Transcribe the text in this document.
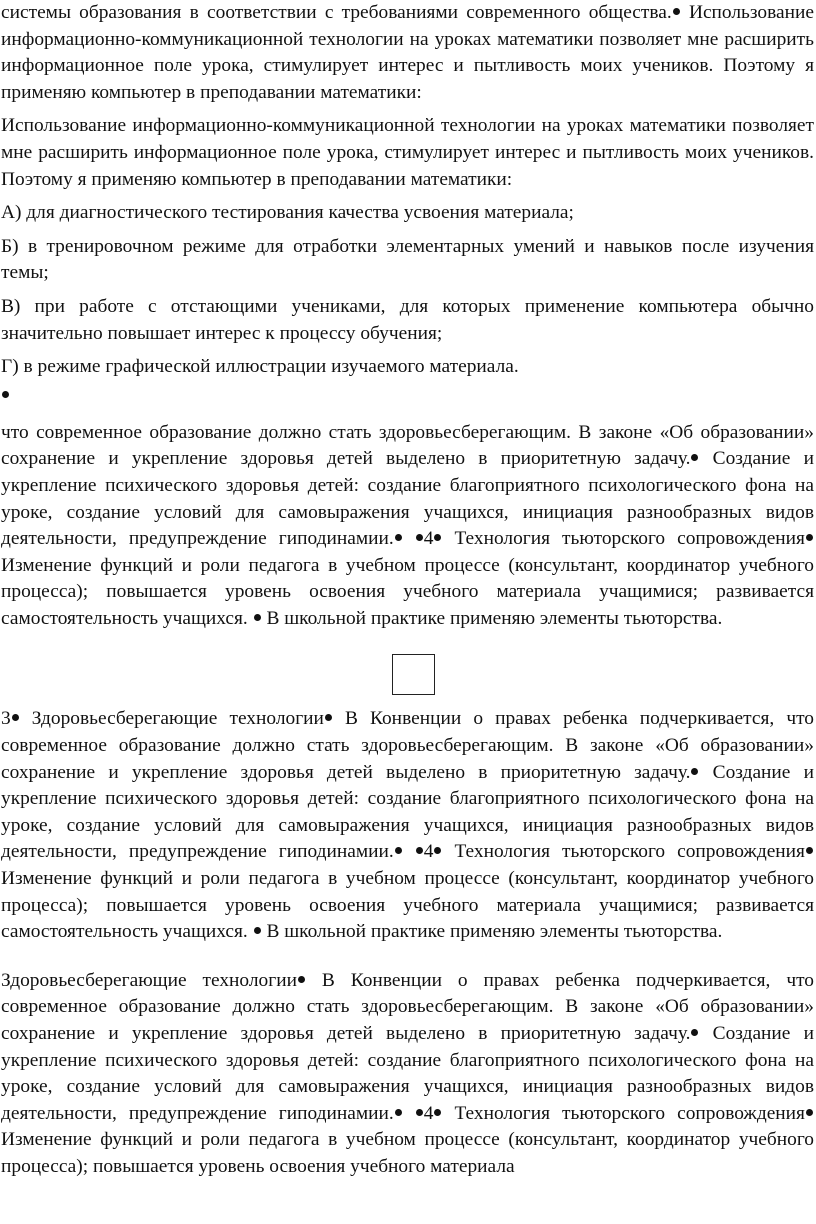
системы образования в соответствии с требованиями современного общества. Использование информационно-коммуникационной технологии на уроках математики позволяет мне расширить информационное поле урока, стимулирует интерес и пытливость моих учеников. Поэтому я применяю компьютер в преподавании математики:

Использование информационно-коммуникационной технологии на уроках математики позволяет мне расширить информационное поле урока, стимулирует интерес и пытливость моих учеников. Поэтому я применяю компьютер в преподавании математики:

А) для диагностического тестирования качества усвоения материала;

Б) в тренировочном режиме для отработки элементарных умений и навыков после изучения темы;

В) при работе с отстающими учениками, для которых применение компьютера обычно значительно повышает интерес к процессу обучения;

Г) в режиме графической иллюстрации изучаемого материала.

что современное образование должно стать здоровьесберегающим. В законе «Об образовании» сохранение и укрепление здоровья детей выделено в приоритетную задачу. Создание и укрепление психического здоровья детей: создание благоприятного психологического фона на уроке, создание условий для самовыражения учащихся, инициация разнообразных видов деятельности, предупреждение гиподинамии. 4 Технология тьюторского сопровождения Изменение функций и роли педагога в учебном процессе (консультант, координатор учебного процесса); повышается уровень освоения учебного материала учащимися; развивается самостоятельность учащихся.  В школьной практике применяю элементы тьюторства.

3 Здоровьесберегающие технологии В Конвенции о правах ребенка подчеркивается, что современное образование должно стать здоровьесберегающим. В законе «Об образовании» сохранение и укрепление здоровья детей выделено в приоритетную задачу. Создание и укрепление психического здоровья детей: создание благоприятного психологического фона на уроке, создание условий для самовыражения учащихся, инициация разнообразных видов деятельности, предупреждение гиподинамии. 4 Технология тьюторского сопровождения Изменение функций и роли педагога в учебном процессе (консультант, координатор учебного процесса); повышается уровень освоения учебного материала учащимися; развивается самостоятельность учащихся.  В школьной практике применяю элементы тьюторства.

Здоровьесберегающие технологии В Конвенции о правах ребенка подчеркивается, что современное образование должно стать здоровьесберегающим. В законе «Об образовании» сохранение и укрепление здоровья детей выделено в приоритетную задачу. Создание и укрепление психического здоровья детей: создание благоприятного психологического фона на уроке, создание условий для самовыражения учащихся, инициация разнообразных видов деятельности, предупреждение гиподинамии. 4 Технология тьюторского сопровождения Изменение функций и роли педагога в учебном процессе (консультант, координатор учебного процесса); повышается уровень освоения учебного материала
